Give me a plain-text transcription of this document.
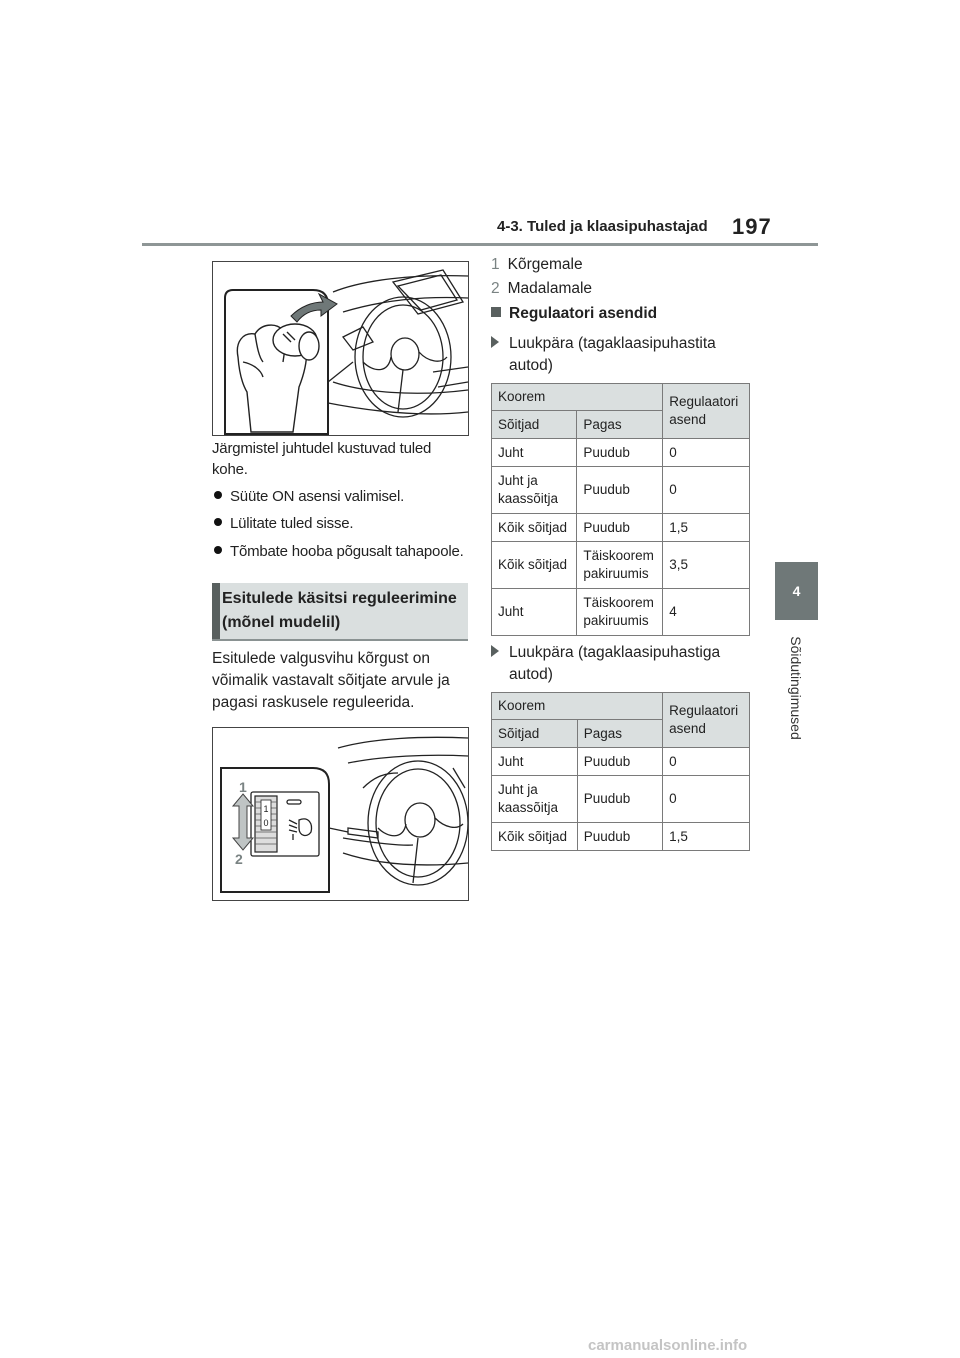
4-3. Tuled ja klaasipuhastajad 197
4
Sõidutingimused
Järgmistel juhtudel kustuvad tuled
kohe.
Süüte ON asensi valimisel.
Lülitate tuled sisse.
Tõmbate hooba põgusalt tahapoole.
Esitulede käsitsi reguleerimine
(mõnel mudelil)
Esitulede valgusvihu kõrgust on
võimalik vastavalt sõitjate arvule ja
pagasi raskusele reguleerida.
1
0
1
2
1 Kõrgemale
2 Madalamale
Regulaatori asendid
Luukpära (tagaklaasipuhastita
autod)
Koorem		Regulaatori asend
Sõitjad	Pagas	
Juht	Puudub	0
Juht ja kaassõitja	Puudub	0
Kõik sõitjad	Puudub	1,5
Kõik sõitjad	Täiskoorem pakiruumis	3,5
Juht	Täiskoorem pakiruumis	4
Luukpära (tagaklaasipuhastiga
autod)
Koorem		Regulaatori asend
Sõitjad	Pagas	
Juht	Puudub	0
Juht ja kaassõitja	Puudub	0
Kõik sõitjad	Puudub	1,5
carmanualsonline.info
